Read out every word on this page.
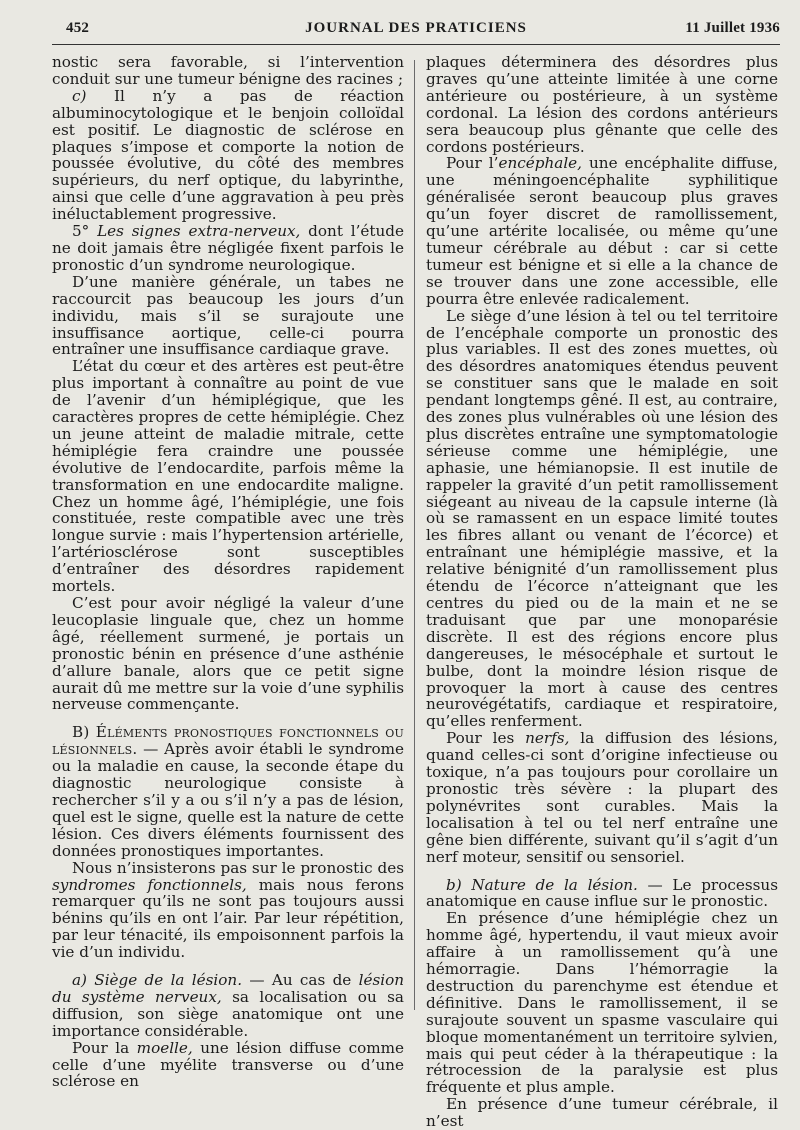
452	JOURNAL DES PRATICIENS	11 Juillet 1936

nostic sera favorable, si l’intervention conduit sur une tumeur bénigne des racines ;

c) Il n’y a pas de réaction albuminocytologique et le benjoin colloïdal est positif. Le diagnostic de sclérose en plaques s’impose et comporte la notion de poussée évolutive, du côté des membres supérieurs, du nerf optique, du labyrinthe, ainsi que celle d’une aggravation à peu près inéluctablement progressive.

5° Les signes extra-nerveux, dont l’étude ne doit jamais être négligée fixent parfois le pronostic d’un syndrome neurologique.

D’une manière générale, un tabes ne raccourcit pas beaucoup les jours d’un individu, mais s’il se surajoute une insuffisance aortique, celle-ci pourra entraîner une insuffisance cardiaque grave.

L’état du cœur et des artères est peut-être plus important à connaître au point de vue de l’avenir d’un hémiplégique, que les caractères propres de cette hémiplégie. Chez un jeune atteint de maladie mitrale, cette hémiplégie fera craindre une poussée évolutive de l’endocardite, parfois même la transformation en une endocardite maligne. Chez un homme âgé, l’hémiplégie, une fois constituée, reste compatible avec une très longue survie : mais l’hypertension artérielle, l’artériosclérose sont susceptibles d’entraîner des désordres rapidement mortels.

C’est pour avoir négligé la valeur d’une leucoplasie linguale que, chez un homme âgé, réellement surmené, je portais un pronostic bénin en présence d’une asthénie d’allure banale, alors que ce petit signe aurait dû me mettre sur la voie d’une syphilis nerveuse commençante.

B) Éléments pronostiques fonctionnels ou lésionnels. — Après avoir établi le syndrome ou la maladie en cause, la seconde étape du diagnostic neurologique consiste à rechercher s’il y a ou s’il n’y a pas de lésion, quel est le signe, quelle est la nature de cette lésion. Ces divers éléments fournissent des données pronostiques importantes.

Nous n’insisterons pas sur le pronostic des syndromes fonctionnels, mais nous ferons remarquer qu’ils ne sont pas toujours aussi bénins qu’ils en ont l’air. Par leur répétition, par leur ténacité, ils empoisonnent parfois la vie d’un individu.

a) Siège de la lésion. — Au cas de lésion du système nerveux, sa localisation ou sa diffusion, son siège anatomique ont une importance considérable.

Pour la moelle, une lésion diffuse comme celle d’une myélite transverse ou d’une sclérose en

plaques déterminera des désordres plus graves qu’une atteinte limitée à une corne antérieure ou postérieure, à un système cordonal. La lésion des cordons antérieurs sera beaucoup plus gênante que celle des cordons postérieurs.

Pour l’encéphale, une encéphalite diffuse, une méningoencéphalite syphilitique généralisée seront beaucoup plus graves qu’un foyer discret de ramollissement, qu’une artérite localisée, ou même qu’une tumeur cérébrale au début : car si cette tumeur est bénigne et si elle a la chance de se trouver dans une zone accessible, elle pourra être enlevée radicalement.

Le siège d’une lésion à tel ou tel territoire de l’encéphale comporte un pronostic des plus variables. Il est des zones muettes, où des désordres anatomiques étendus peuvent se constituer sans que le malade en soit pendant longtemps gêné. Il est, au contraire, des zones plus vulnérables où une lésion des plus discrètes entraîne une symptomatologie sérieuse comme une hémiplégie, une aphasie, une hémianopsie. Il est inutile de rappeler la gravité d’un petit ramollissement siégeant au niveau de la capsule interne (là où se ramassent en un espace limité toutes les fibres allant ou venant de l’écorce) et entraînant une hémiplégie massive, et la relative bénignité d’un ramollissement plus étendu de l’écorce n’atteignant que les centres du pied ou de la main et ne se traduisant que par une monoparésie discrète. Il est des régions encore plus dangereuses, le mésocéphale et surtout le bulbe, dont la moindre lésion risque de provoquer la mort à cause des centres neurovégétatifs, cardiaque et respiratoire, qu’elles renferment.

Pour les nerfs, la diffusion des lésions, quand celles-ci sont d’origine infectieuse ou toxique, n’a pas toujours pour corollaire un pronostic très sévère : la plupart des polynévrites sont curables. Mais la localisation à tel ou tel nerf entraîne une gêne bien différente, suivant qu’il s’agit d’un nerf moteur, sensitif ou sensoriel.

b) Nature de la lésion. — Le processus anatomique en cause influe sur le pronostic.

En présence d’une hémiplégie chez un homme âgé, hypertendu, il vaut mieux avoir affaire à un ramollissement qu’à une hémorragie. Dans l’hémorragie la destruction du parenchyme est étendue et définitive. Dans le ramollissement, il se surajoute souvent un spasme vasculaire qui bloque momentanément un territoire sylvien, mais qui peut céder à la thérapeutique : la rétrocession de la paralysie est plus fréquente et plus ample.

En présence d’une tumeur cérébrale, il n’est
